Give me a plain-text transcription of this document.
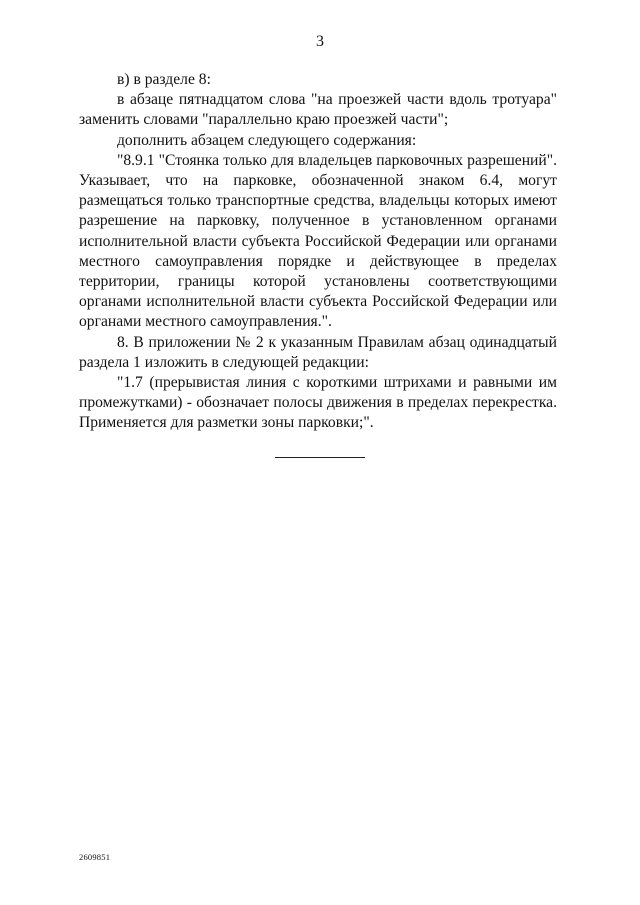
3

в) в разделе 8:

в абзаце пятнадцатом слова "на проезжей части вдоль тротуара" заменить словами "параллельно краю проезжей части";

дополнить абзацем следующего содержания:

"8.9.1 "Стоянка только для владельцев парковочных разрешений". Указывает, что на парковке, обозначенной знаком 6.4, могут размещаться только транспортные средства, владельцы которых имеют разрешение на парковку, полученное в установленном органами исполнительной власти субъекта Российской Федерации или органами местного самоуправления порядке и действующее в пределах территории, границы которой установлены соответствующими органами исполнительной власти субъекта Российской Федерации или органами местного самоуправления.".

8. В приложении № 2 к указанным Правилам абзац одинадцатый раздела 1 изложить в следующей редакции:

"1.7 (прерывистая линия с короткими штрихами и равными им промежутками) - обозначает полосы движения в пределах перекрестка. Применяется для разметки зоны парковки;".

2609851
